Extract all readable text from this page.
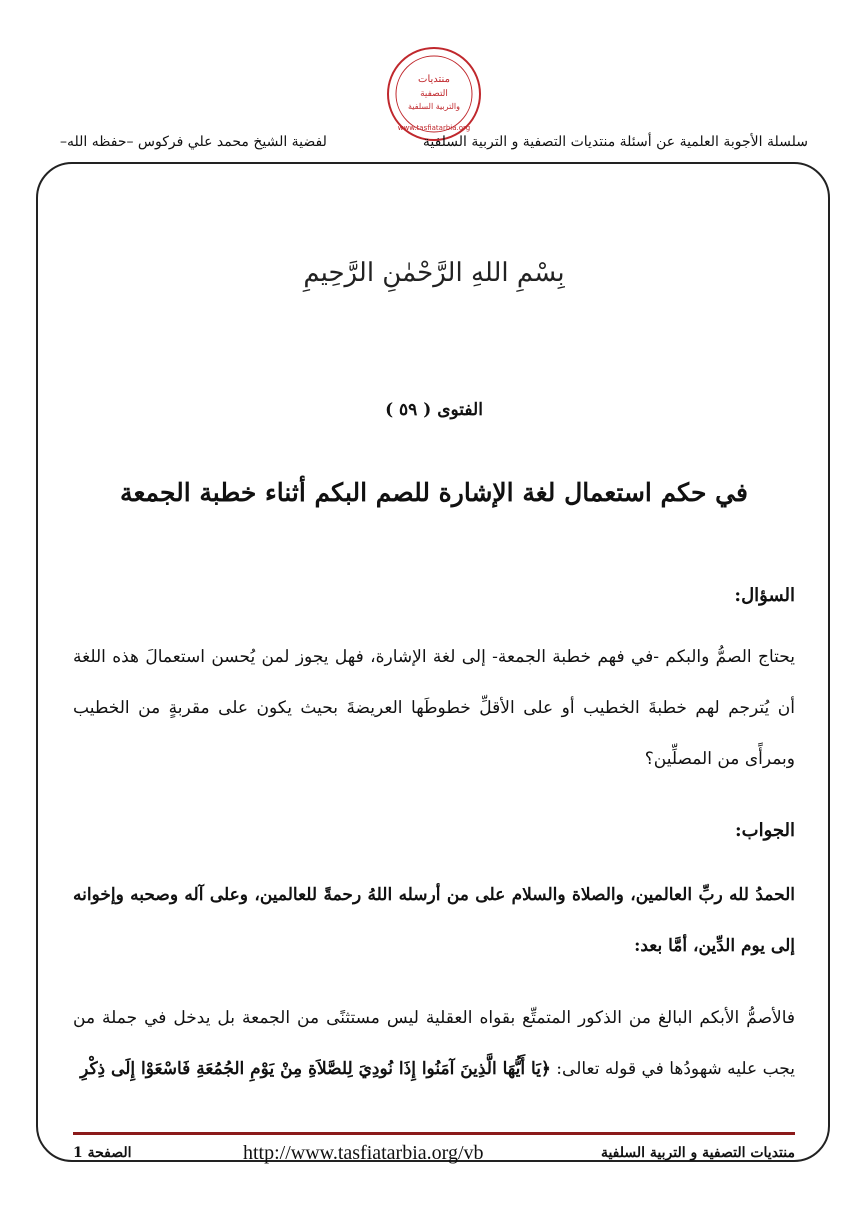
منتديات
التصفية
والتربية السلفية
www.tasfiatarbia.org
سلسلة الأجوبة العلمية عن أسئلة منتديات التصفية و التربية السلفية
لفضية الشيخ محمد علي فركوس –حفظه الله–
بِسْمِ اللهِ الرَّحْمٰنِ الرَّحِيمِ
الفتوى ( ٥٩ )
في حكم استعمال لغة الإشارة للصم البكم أثناء خطبة الجمعة
السؤال:
يحتاج الصمُّ والبكم -في فهم خطبة الجمعة- إلى لغة الإشارة، فهل يجوز لمن يُحسن استعمالَ هذه اللغة أن يُترجم لهم خطبةَ الخطيب أو على الأقلِّ خطوطَها العريضةَ بحيث يكون على مقربةٍ من الخطيب وبمرأًى من المصلِّين؟
الجواب:
الحمدُ لله ربِّ العالمين، والصلاة والسلام على من أرسله اللهُ رحمةً للعالمين، وعلى آله وصحبه وإخوانه إلى يوم الدِّين، أمَّا بعد:
فالأصمُّ الأبكم البالغ من الذكور المتمتِّع بقواه العقلية ليس مستثنًى من الجمعة بل يدخل في جملة من يجب عليه شهودُها في قوله تعالى: ﴿يَا أَيُّهَا الَّذِينَ آمَنُوا إِذَا نُودِيَ لِلصَّلاَةِ مِنْ يَوْمِ الجُمُعَةِ فَاسْعَوْا إِلَى ذِكْرِ
منتديات التصفية و التربية السلفية
http://www.tasfiatarbia.org/vb
الصفحة 1
